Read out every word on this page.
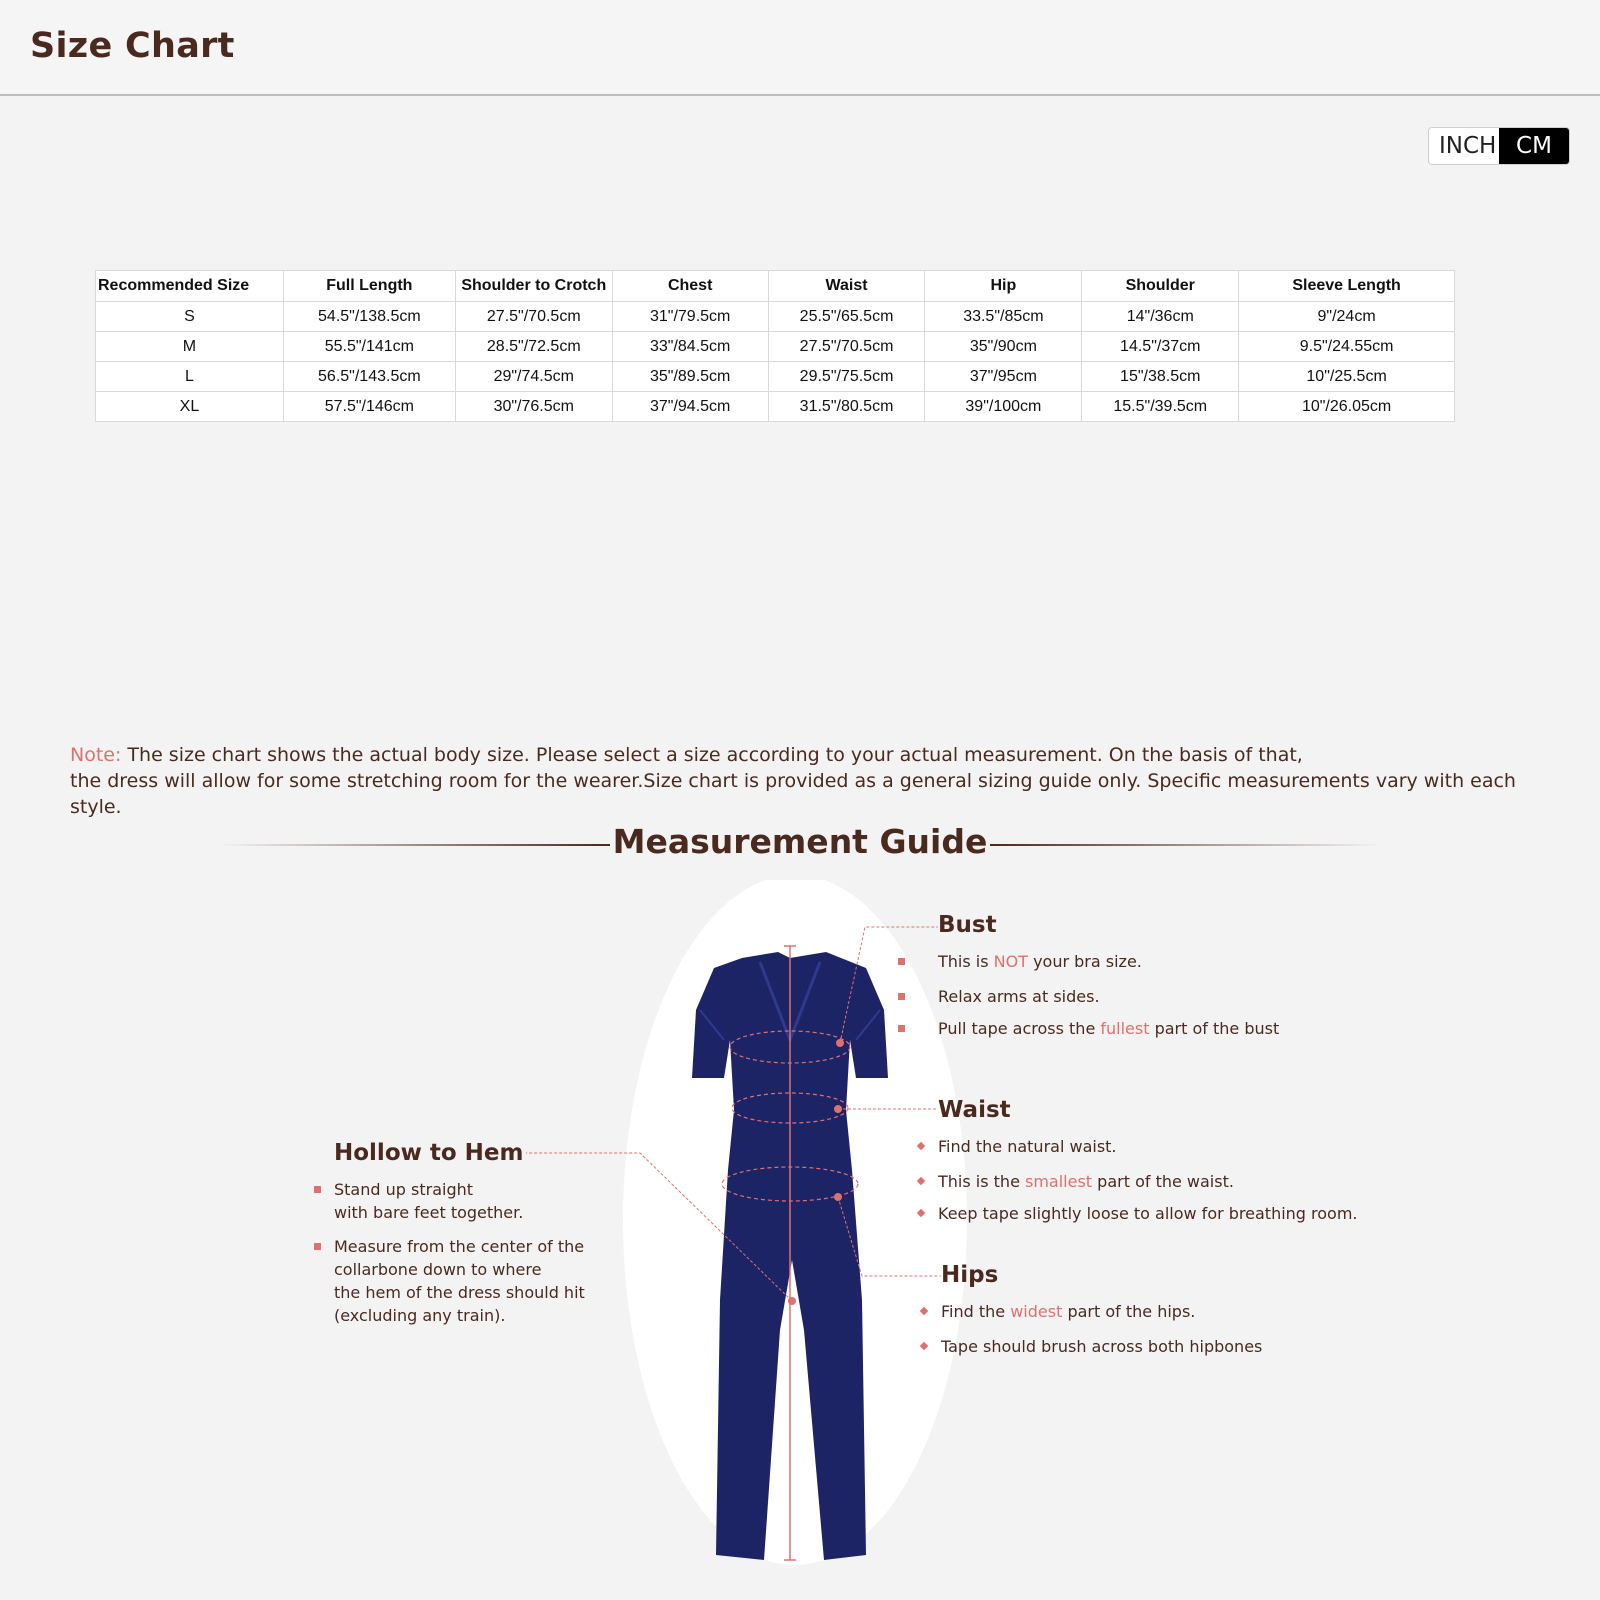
Size Chart
INCH CM
Recommended Size	Full Length	Shoulder to Crotch	Chest	Waist	Hip	Shoulder	Sleeve Length
S	54.5"/138.5cm	27.5"/70.5cm	31"/79.5cm	25.5"/65.5cm	33.5"/85cm	14"/36cm	9"/24cm
M	55.5"/141cm	28.5"/72.5cm	33"/84.5cm	27.5"/70.5cm	35"/90cm	14.5"/37cm	9.5"/24.55cm
L	56.5"/143.5cm	29"/74.5cm	35"/89.5cm	29.5"/75.5cm	37"/95cm	15"/38.5cm	10"/25.5cm
XL	57.5"/146cm	30"/76.5cm	37"/94.5cm	31.5"/80.5cm	39"/100cm	15.5"/39.5cm	10"/26.05cm

Note: The size chart shows the actual body size. Please select a size according to your actual measurement. On the basis of that,
the dress will allow for some stretching room for the wearer.Size chart is provided as a general sizing guide only. Specific measurements vary with each style.

Measurement Guide
Bust
This is NOT your bra size.
Relax arms at sides.
Pull tape across the fullest part of the bust
Waist
Find the natural waist.
This is the smallest part of the waist.
Keep tape slightly loose to allow for breathing room.
Hips
Find the widest part of the hips.
Tape should brush across both hipbones
Hollow to Hem
Stand up straight
with bare feet together.
Measure from the center of the
collarbone down to where
the hem of the dress should hit
(excluding any train).
